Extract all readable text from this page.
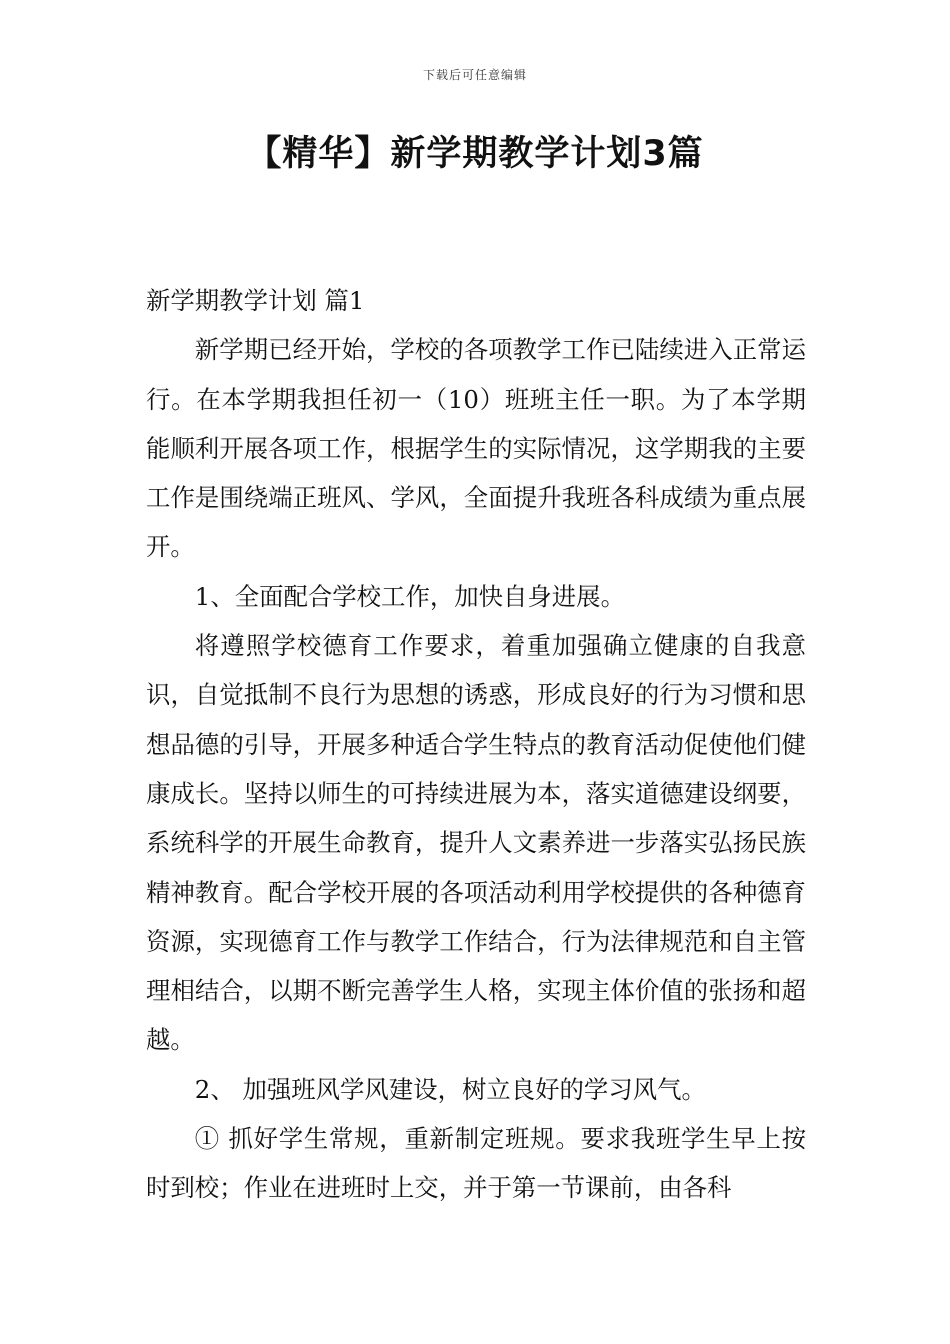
下载后可任意编辑
【精华】新学期教学计划3篇

新学期教学计划 篇1

新学期已经开始，学校的各项教学工作已陆续进入正常运行。在本学期我担任初一（10）班班主任一职。为了本学期能顺利开展各项工作，根据学生的实际情况，这学期我的主要工作是围绕端正班风、学风，全面提升我班各科成绩为重点展开。

1、全面配合学校工作，加快自身进展。

将遵照学校德育工作要求，着重加强确立健康的自我意识，自觉抵制不良行为思想的诱惑，形成良好的行为习惯和思想品德的引导，开展多种适合学生特点的教育活动促使他们健康成长。坚持以师生的可持续进展为本，落实道德建设纲要，系统科学的开展生命教育，提升人文素养进一步落实弘扬民族精神教育。配合学校开展的各项活动利用学校提供的各种德育资源，实现德育工作与教学工作结合，行为法律规范和自主管理相结合，以期不断完善学生人格，实现主体价值的张扬和超越。

2、 加强班风学风建设，树立良好的学习风气。

① 抓好学生常规，重新制定班规。要求我班学生早上按时到校；作业在进班时上交，并于第一节课前，由各科
